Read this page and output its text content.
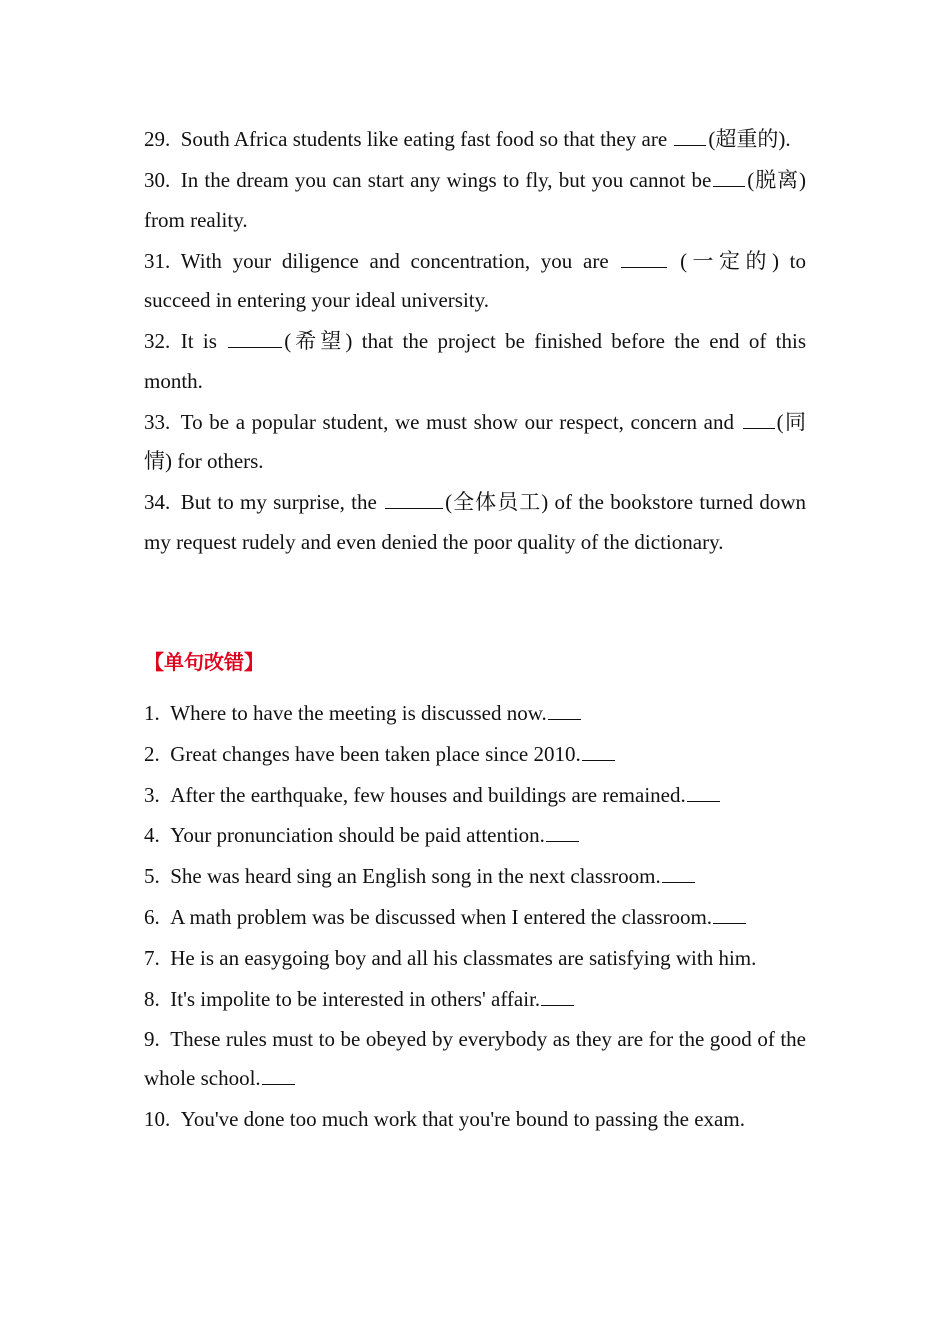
29.  South Africa students like eating fast food so that they are (超重的).
30.  In the dream you can start any wings to fly, but you cannot be (脱离) from reality.
31.  With your diligence and concentration, you are  (一定的) to succeed in entering your ideal university.
32.  It is	(希望) that the project be finished before the end of this month.
33.  To be a popular student, we must show our respect, concern and (同情) for others.
34.  But to my surprise, the	(全体员工) of the bookstore turned down my request rudely and even denied the poor quality of the dictionary.
【单句改错】
1.  Where to have the meeting is discussed now.
2.  Great changes have been taken place since 2010.
3.  After the earthquake, few houses and buildings are remained.
4.  Your pronunciation should be paid attention.
5.  She was heard sing an English song in the next classroom.
6.  A math problem was be discussed when I entered the classroom.
7.  He is an easygoing boy and all his classmates are satisfying with him.
8.  It's impolite to be interested in others' affair.
9.  These rules must to be obeyed by everybody as they are for the good of the whole school.
10.  You've done too much work that you're bound to passing the exam.
